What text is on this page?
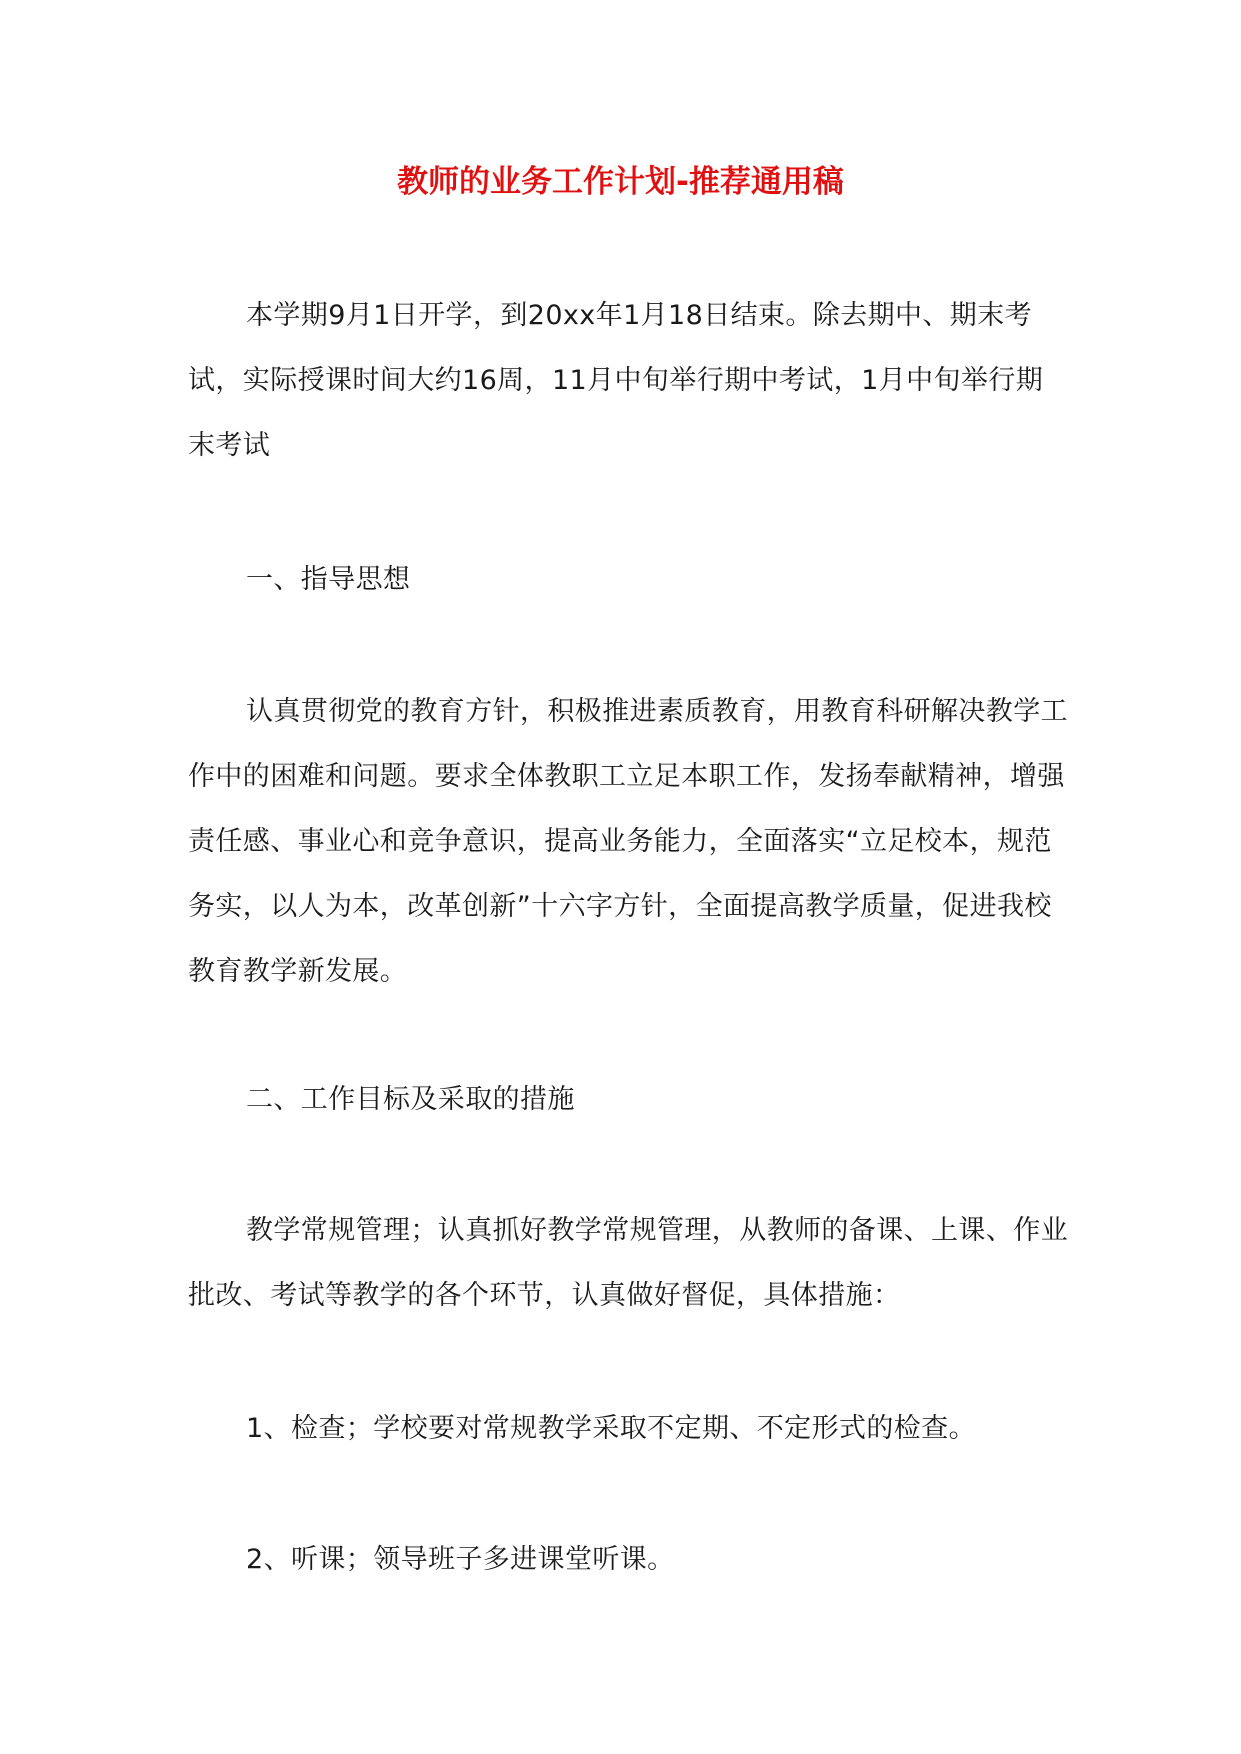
教师的业务工作计划-推荐通用稿
本学期9月1日开学，到20xx年1月18日结束。除去期中、期末考试，实际授课时间大约16周，11月中旬举行期中考试，1月中旬举行期末考试
一、指导思想
认真贯彻党的教育方针，积极推进素质教育，用教育科研解决教学工作中的困难和问题。要求全体教职工立足本职工作，发扬奉献精神，增强责任感、事业心和竞争意识，提高业务能力，全面落实“立足校本，规范务实，以人为本，改革创新”十六字方针，全面提高教学质量，促进我校教育教学新发展。
二、工作目标及采取的措施
教学常规管理；认真抓好教学常规管理，从教师的备课、上课、作业批改、考试等教学的各个环节，认真做好督促，具体措施：
1、检查；学校要对常规教学采取不定期、不定形式的检查。
2、听课；领导班子多进课堂听课。
